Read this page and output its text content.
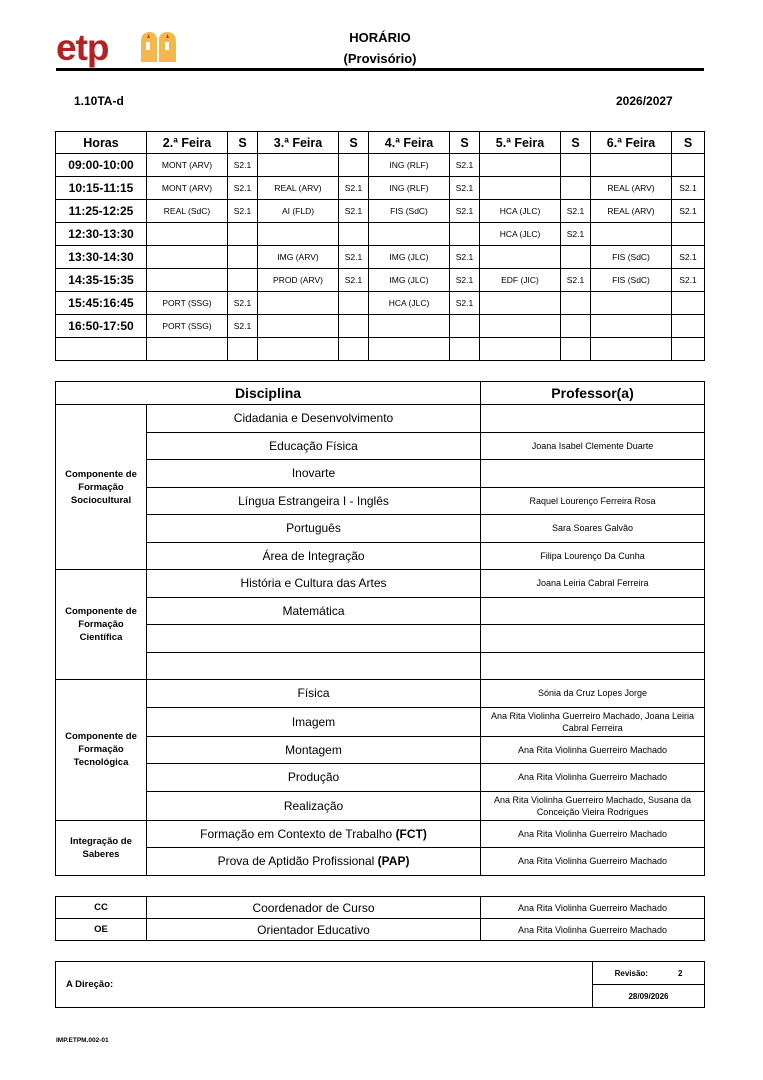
etp	HORÁRIO
(Provisório)
1.10TA-d	2026/2027
Horas	2.ª Feira	S	3.ª Feira	S	4.ª Feira	S	5.ª Feira	S	6.ª Feira	S
09:00-10:00	MONT (ARV)	S2.1			ING (RLF)	S2.1				
10:15-11:15	MONT (ARV)	S2.1	REAL (ARV)	S2.1	ING (RLF)	S2.1			REAL (ARV)	S2.1
11:25-12:25	REAL (SdC)	S2.1	AI (FLD)	S2.1	FIS (SdC)	S2.1	HCA (JLC)	S2.1	REAL (ARV)	S2.1
12:30-13:30							HCA (JLC)	S2.1		
13:30-14:30			IMG (ARV)	S2.1	IMG (JLC)	S2.1			FIS (SdC)	S2.1
14:35-15:35			PROD (ARV)	S2.1	IMG (JLC)	S2.1	EDF (JIC)	S2.1	FIS (SdC)	S2.1
15:45:16:45	PORT (SSG)	S2.1			HCA (JLC)	S2.1				
16:50-17:50	PORT (SSG)	S2.1								

Disciplina		Professor(a)
Componente de Formação Sociocultural	Cidadania e Desenvolvimento	
	Educação Física	Joana Isabel Clemente Duarte
	Inovarte	
	Língua Estrangeira I - Inglês	Raquel Lourenço Ferreira Rosa
	Português	Sara Soares Galvão
	Área de Integração	Filipa Lourenço Da Cunha
Componente de Formação Científica	História e Cultura das Artes	Joana Leiria Cabral Ferreira
	Matemática	

Componente de Formação Tecnológica	Física	Sónia da Cruz Lopes Jorge
	Imagem	Ana Rita Violinha Guerreiro Machado, Joana Leiria Cabral Ferreira
	Montagem	Ana Rita Violinha Guerreiro Machado
	Produção	Ana Rita Violinha Guerreiro Machado
	Realização	Ana Rita Violinha Guerreiro Machado, Susana da Conceição Vieira Rodrigues
Integração de Saberes	Formação em Contexto de Trabalho (FCT)	Ana Rita Violinha Guerreiro Machado
	Prova de Aptidão Profissional (PAP)	Ana Rita Violinha Guerreiro Machado
CC	Coordenador de Curso	Ana Rita Violinha Guerreiro Machado
OE	Orientador Educativo	Ana Rita Violinha Guerreiro Machado
A Direção:	Revisão:	2
28/09/2026
IMP.ETPM.002-01
